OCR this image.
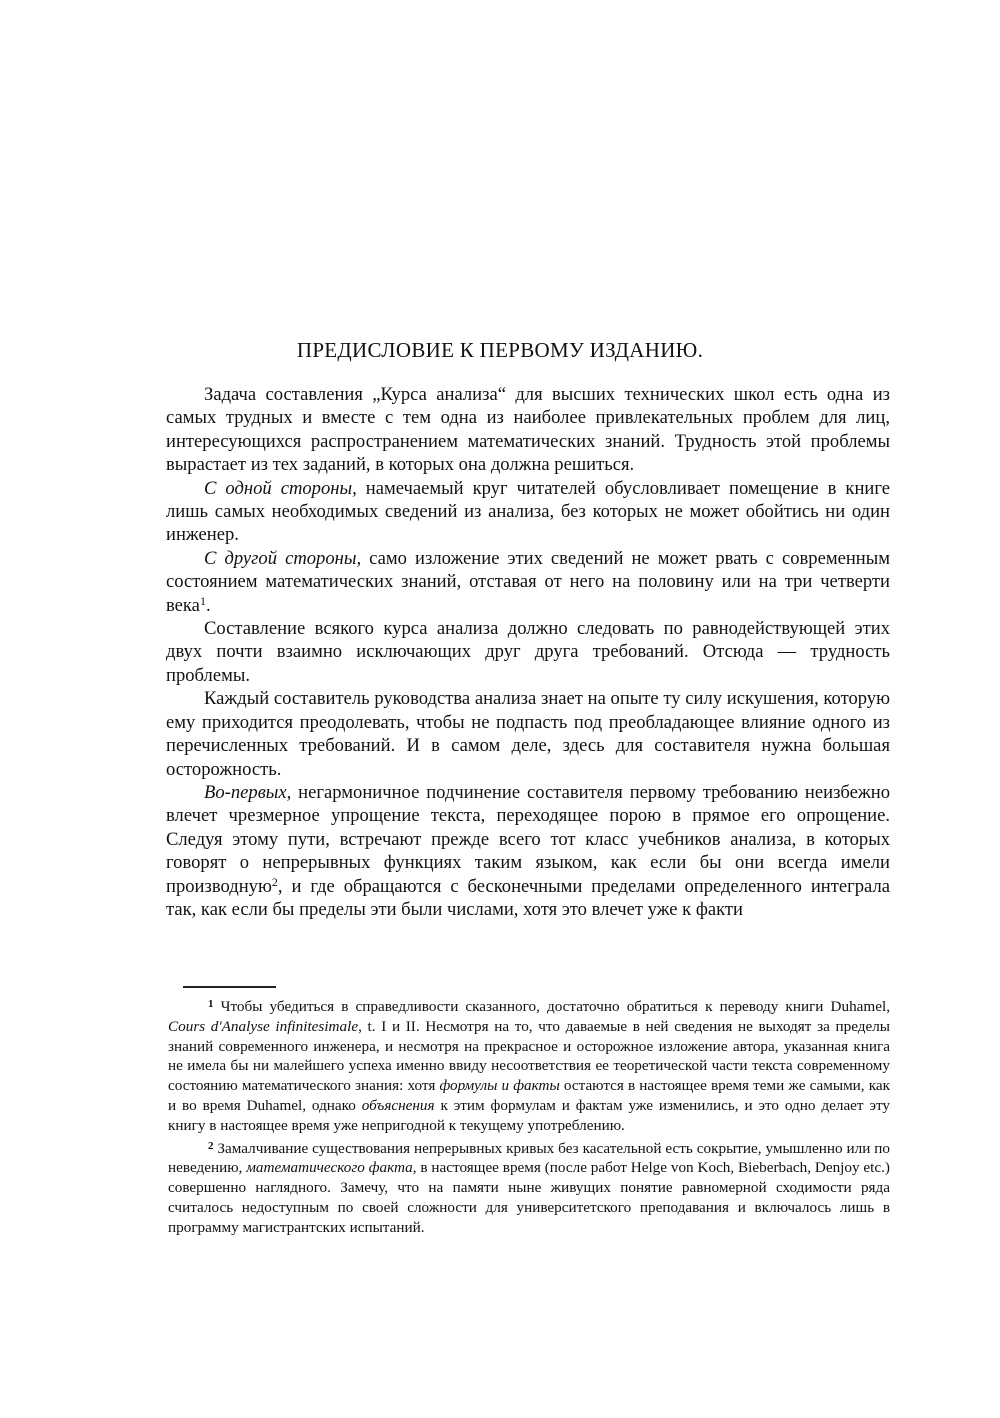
ПРЕДИСЛОВИЕ К ПЕРВОМУ ИЗДАНИЮ.

Задача составления „Курса анализа“ для высших технических школ есть одна из самых трудных и вместе с тем одна из наиболее привлекательных проблем для лиц, интересующихся распространением математических знаний. Трудность этой проблемы вырастает из тех заданий, в которых она должна решиться.

С одной стороны, намечаемый круг читателей обусловливает помещение в книге лишь самых необходимых сведений из анализа, без которых не может обойтись ни один инженер.

С другой стороны, само изложение этих сведений не может рвать с современным состоянием математических знаний, отставая от него на половину или на три четверти века$^1$.

Составление всякого курса анализа должно следовать по равнодействующей этих двух почти взаимно исключающих друг друга требований. Отсюда — трудность проблемы.

Каждый составитель руководства анализа знает на опыте ту силу искушения, которую ему приходится преодолевать, чтобы не подпасть под преобладающее влияние одного из перечисленных требований. И в самом деле, здесь для составителя нужна большая осторожность.

Во-первых, негармоничное подчинение составителя первому требованию неизбежно влечет чрезмерное упрощение текста, переходящее порою в прямое его опрощение. Следуя этому пути, встречают прежде всего тот класс учебников анализа, в которых говорят о непрерывных функциях таким языком, как если бы они всегда имели производную$^2$, и где обращаются с бесконечными пределами определенного интеграла так, как если бы пределы эти были числами, хотя это влечет уже к факти

$^1$ Чтобы убедиться в справедливости сказанного, достаточно обратиться к переводу книги Duhamel, Cours d'Analyse infinitesimale, t. I и II. Несмотря на то, что даваемые в ней сведения не выходят за пределы знаний современного инженера, и несмотря на прекрасное и осторожное изложение автора, указанная книга не имела бы ни малейшего успеха именно ввиду несоответствия ее теоретической части текста современному состоянию математического знания: хотя формулы и факты остаются в настоящее время теми же самыми, как и во время Duhamel, однако объяснения к этим формулам и фактам уже изменились, и это одно делает эту книгу в настоящее время уже непригодной к текущему употреблению.

$^2$ Замалчивание существования непрерывных кривых без касательной есть сокрытие, умышленно или по неведению, математического факта, в настоящее время (после работ Helge von Koch, Bieberbach, Denjoy etc.) совершенно наглядного. Замечу, что на памяти ныне живущих понятие равномерной сходимости ряда считалось недоступным по своей сложности для университетского преподавания и включалось лишь в программу магистрантских испытаний.
